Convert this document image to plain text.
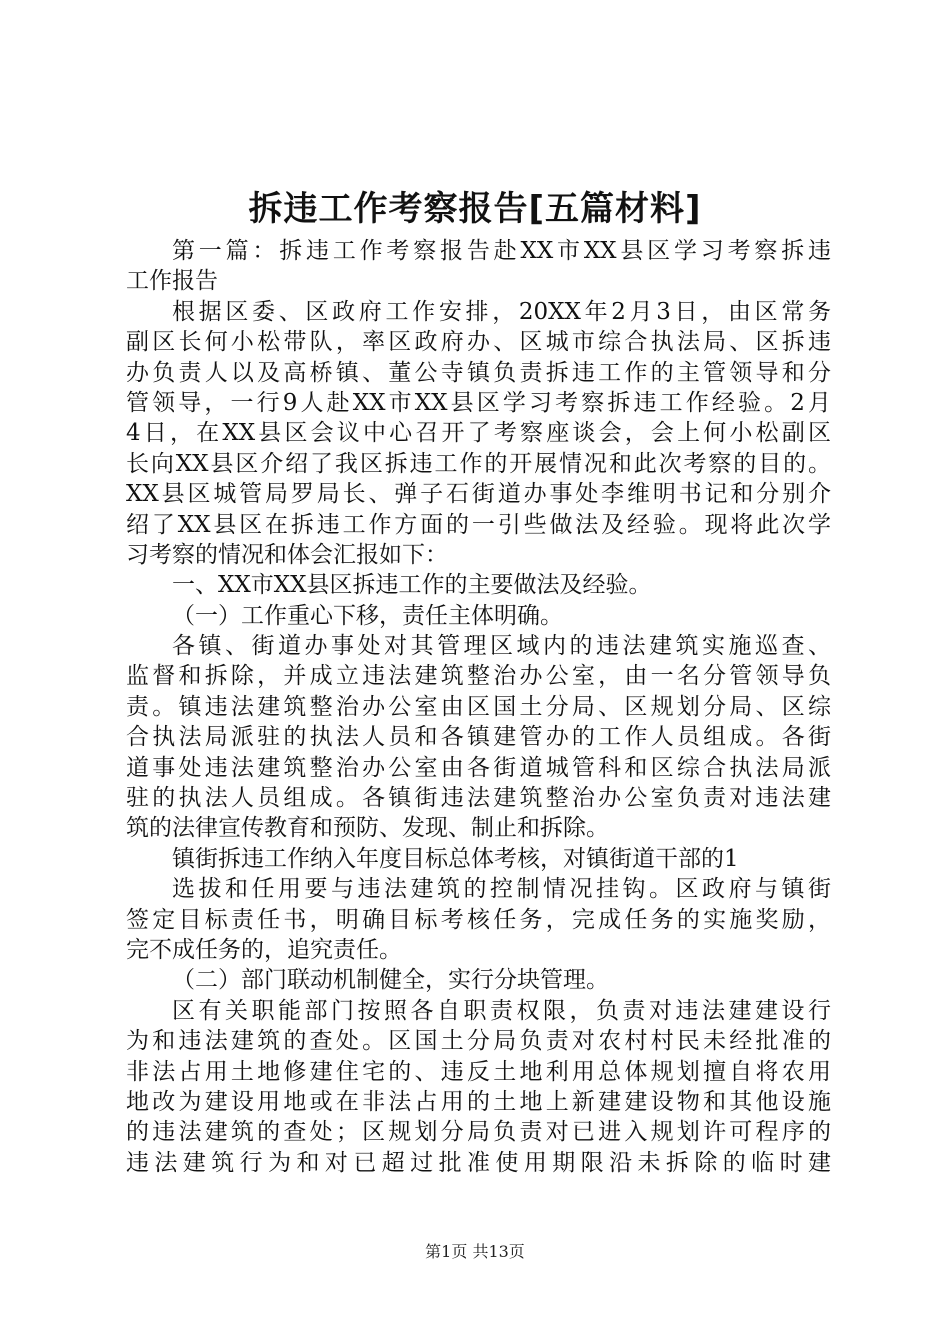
拆违工作考察报告[五篇材料]
第一篇：拆违工作考察报告赴XX市XX县区学习考察拆违
工作报告
根据区委、区政府工作安排，20XX年2月3日，由区常务
副区长何小松带队，率区政府办、区城市综合执法局、区拆违
办负责人以及高桥镇、董公寺镇负责拆违工作的主管领导和分
管领导，一行9人赴XX市XX县区学习考察拆违工作经验。2月
4日，在XX县区会议中心召开了考察座谈会，会上何小松副区
长向XX县区介绍了我区拆违工作的开展情况和此次考察的目的。
XX县区城管局罗局长、弹子石街道办事处李维明书记和分别介
绍了XX县区在拆违工作方面的一引些做法及经验。现将此次学
习考察的情况和体会汇报如下：
一、XX市XX县区拆违工作的主要做法及经验。
（一）工作重心下移，责任主体明确。
各镇、街道办事处对其管理区域内的违法建筑实施巡查、
监督和拆除，并成立违法建筑整治办公室，由一名分管领导负
责。镇违法建筑整治办公室由区国土分局、区规划分局、区综
合执法局派驻的执法人员和各镇建管办的工作人员组成。各街
道事处违法建筑整治办公室由各街道城管科和区综合执法局派
驻的执法人员组成。各镇街违法建筑整治办公室负责对违法建
筑的法律宣传教育和预防、发现、制止和拆除。
镇街拆违工作纳入年度目标总体考核，对镇街道干部的1
选拔和任用要与违法建筑的控制情况挂钩。区政府与镇街
签定目标责任书，明确目标考核任务，完成任务的实施奖励，
完不成任务的，追究责任。
（二）部门联动机制健全，实行分块管理。
区有关职能部门按照各自职责权限，负责对违法建建设行
为和违法建筑的查处。区国土分局负责对农村村民未经批准的
非法占用土地修建住宅的、违反土地利用总体规划擅自将农用
地改为建设用地或在非法占用的土地上新建建设物和其他设施
的违法建筑的查处；区规划分局负责对已进入规划许可程序的
违法建筑行为和对已超过批准使用期限沿未拆除的临时建
第1页 共13页
